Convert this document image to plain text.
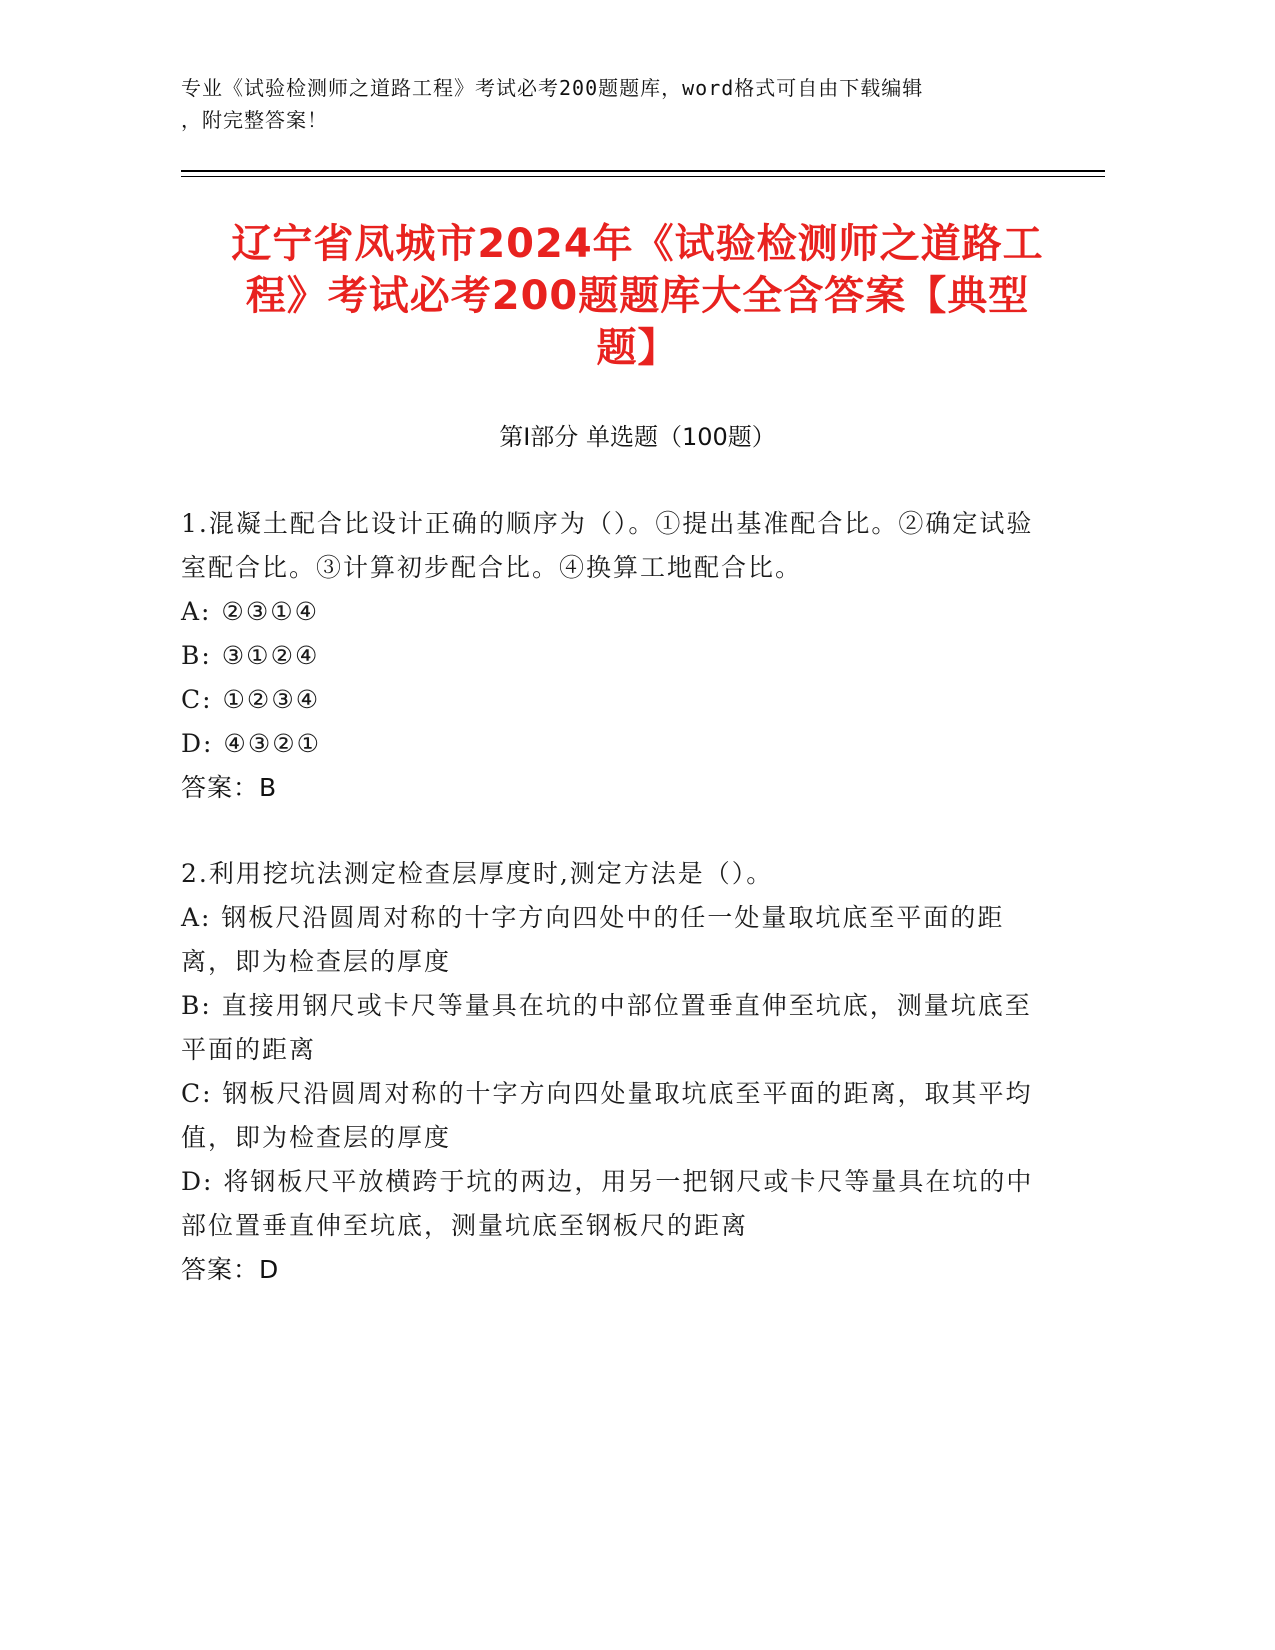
专业《试验检测师之道路工程》考试必考200题题库，word格式可自由下载编辑
，附完整答案！
辽宁省凤城市2024年《试验检测师之道路工
程》考试必考200题题库大全含答案【典型
题】
第Ⅰ部分 单选题（100题）

1.混凝土配合比设计正确的顺序为（）。①提出基准配合比。②确定试验室配合比。③计算初步配合比。④换算工地配合比。

A: ②③①④

B: ③①②④

C: ①②③④

D: ④③②①

答案：B

2.利用挖坑法测定检查层厚度时,测定方法是（）。

A: 钢板尺沿圆周对称的十字方向四处中的任一处量取坑底至平面的距离，即为检查层的厚度

B: 直接用钢尺或卡尺等量具在坑的中部位置垂直伸至坑底，测量坑底至平面的距离

C: 钢板尺沿圆周对称的十字方向四处量取坑底至平面的距离，取其平均值，即为检查层的厚度

D: 将钢板尺平放横跨于坑的两边，用另一把钢尺或卡尺等量具在坑的中部位置垂直伸至坑底，测量坑底至钢板尺的距离

答案：D
